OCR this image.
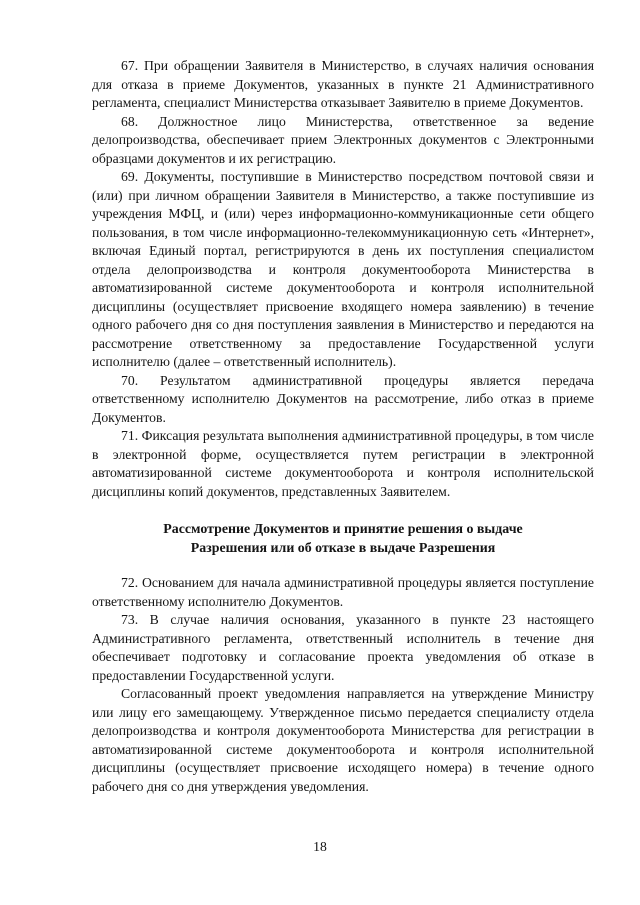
67. При обращении Заявителя в Министерство, в случаях наличия основания для отказа в приеме Документов, указанных в пункте 21 Административного регламента, специалист Министерства отказывает Заявителю в приеме Документов.

68. Должностное лицо Министерства, ответственное за ведение делопроизводства, обеспечивает прием Электронных документов с Электронными образцами документов и их регистрацию.

69. Документы, поступившие в Министерство посредством почтовой связи и (или) при личном обращении Заявителя в Министерство, а также поступившие из учреждения МФЦ, и (или) через информационно-коммуникационные сети общего пользования, в том числе информационно-телекоммуникационную сеть «Интернет», включая Единый портал, регистрируются в день их поступления специалистом отдела делопроизводства и контроля документооборота Министерства в автоматизированной системе документооборота и контроля исполнительной дисциплины (осуществляет присвоение входящего номера заявлению) в течение одного рабочего дня со дня поступления заявления в Министерство и передаются на рассмотрение ответственному за предоставление Государственной услуги исполнителю (далее – ответственный исполнитель).

70. Результатом административной процедуры является передача ответственному исполнителю Документов на рассмотрение, либо отказ в приеме Документов.

71. Фиксация результата выполнения административной процедуры, в том числе в электронной форме, осуществляется путем регистрации в электронной автоматизированной системе документооборота и контроля исполнительской дисциплины копий документов, представленных Заявителем.

Рассмотрение Документов и принятие решения о выдаче
Разрешения или об отказе в выдаче Разрешения

72. Основанием для начала административной процедуры является поступление ответственному исполнителю Документов.

73. В случае наличия основания, указанного в пункте 23 настоящего Административного регламента, ответственный исполнитель в течение дня обеспечивает подготовку и согласование проекта уведомления об отказе в предоставлении Государственной услуги.

Согласованный проект уведомления направляется на утверждение Министру или лицу его замещающему. Утвержденное письмо передается специалисту отдела делопроизводства и контроля документооборота Министерства для регистрации в автоматизированной системе документооборота и контроля исполнительной дисциплины (осуществляет присвоение исходящего номера) в течение одного рабочего дня со дня утверждения уведомления.

18
